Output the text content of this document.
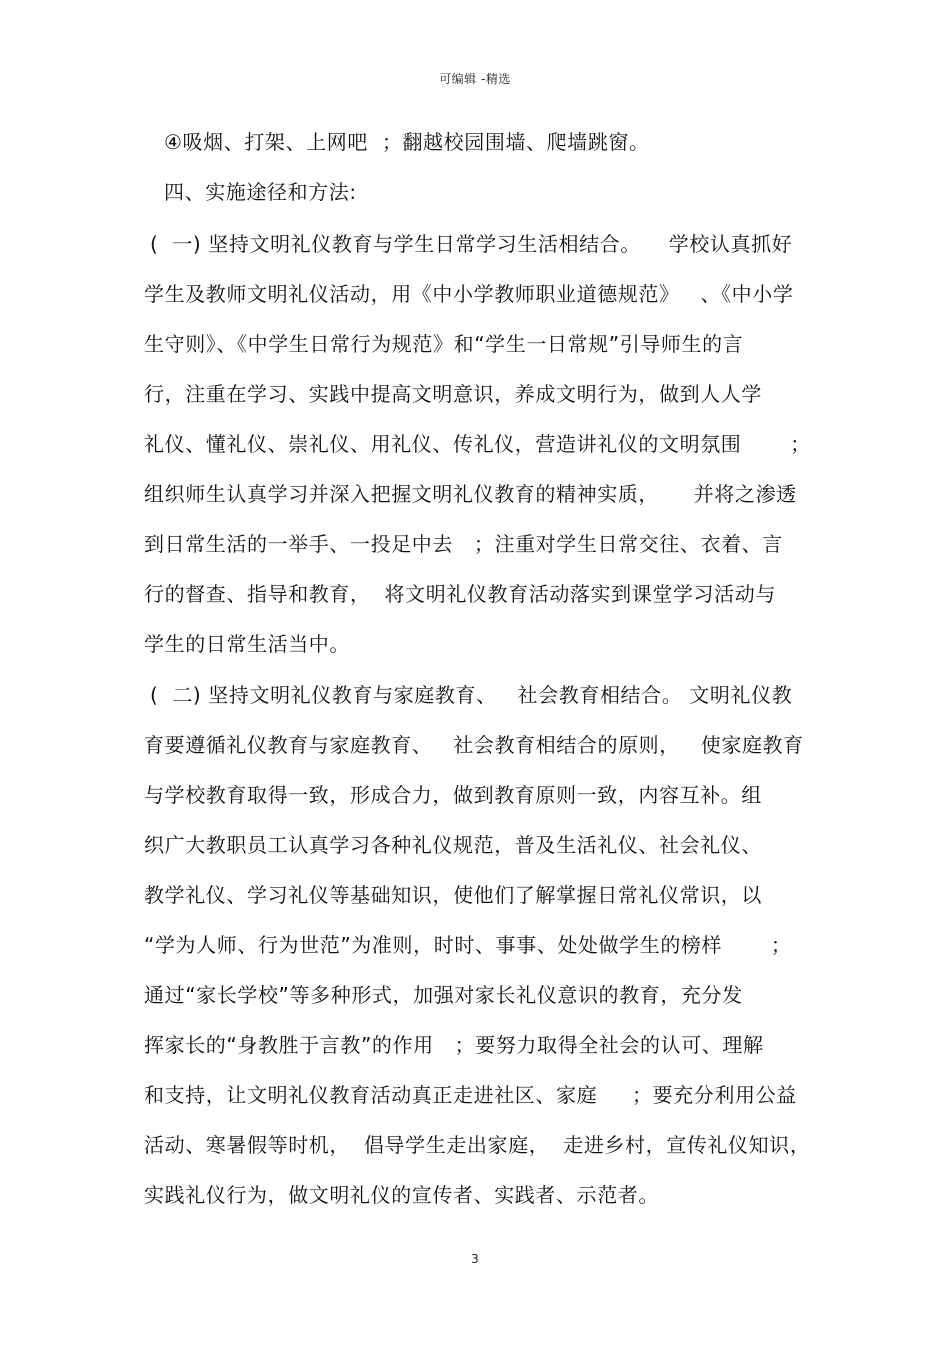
可编辑 -精选
④吸烟、打架、上网吧  ；翻越校园围墙、爬墙跳窗。
四、实施途径和方法:
(  一) 坚持文明礼仪教育与学生日常学习生活相结合。    学校认真抓好
学生及教师文明礼仪活动，用《中小学教师职业道德规范》   、《中小学
生守则》、《中学生日常行为规范》和“学生一日常规”引导师生的言
行，注重在学习、实践中提高文明意识，养成文明行为，做到人人学
礼仪、懂礼仪、崇礼仪、用礼仪、传礼仪，营造讲礼仪的文明氛围       ；
组织师生认真学习并深入把握文明礼仪教育的精神实质，     并将之渗透
到日常生活的一举手、一投足中去   ；注重对学生日常交往、衣着、言
行的督查、指导和教育，  将文明礼仪教育活动落实到课堂学习活动与
学生的日常生活当中。
(  二) 坚持文明礼仪教育与家庭教育、   社会教育相结合。 文明礼仪教
育要遵循礼仪教育与家庭教育、   社会教育相结合的原则，   使家庭教育
与学校教育取得一致，形成合力，做到教育原则一致，内容互补。组
织广大教职员工认真学习各种礼仪规范，普及生活礼仪、社会礼仪、
教学礼仪、学习礼仪等基础知识，使他们了解掌握日常礼仪常识，以
“学为人师、行为世范”为准则，时时、事事、处处做学生的榜样       ；
通过“家长学校”等多种形式，加强对家长礼仪意识的教育，充分发
挥家长的“身教胜于言教”的作用   ；要努力取得全社会的认可、理解
和支持，让文明礼仪教育活动真正走进社区、家庭     ；要充分利用公益
活动、寒暑假等时机，  倡导学生走出家庭，  走进乡村，宣传礼仪知识，
实践礼仪行为，做文明礼仪的宣传者、实践者、示范者。
3
